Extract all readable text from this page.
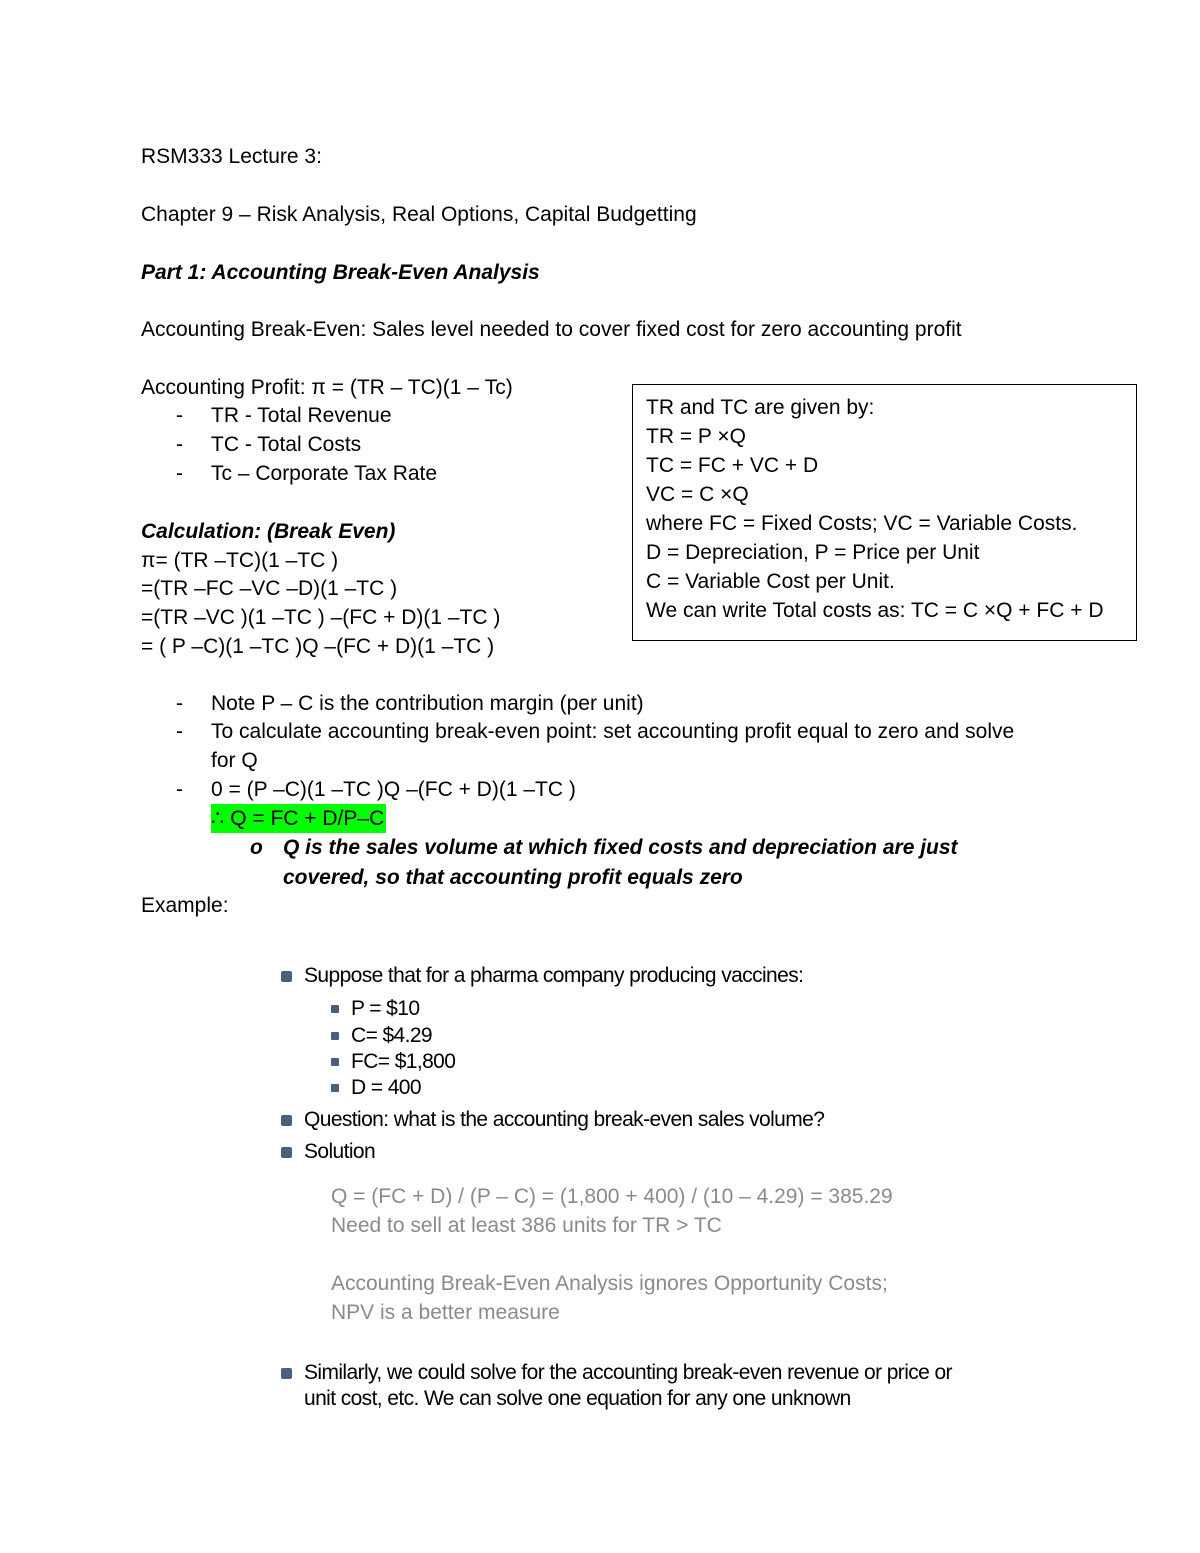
RSM333 Lecture 3:
Chapter 9 – Risk Analysis, Real Options, Capital Budgetting
Part 1: Accounting Break-Even Analysis
Accounting Break-Even: Sales level needed to cover fixed cost for zero accounting profit
Accounting Profit: π = (TR – TC)(1 – Tc)
- TR - Total Revenue
- TC - Total Costs
- Tc – Corporate Tax Rate
Calculation: (Break Even)
π= (TR –TC)(1 –TC )
=(TR –FC –VC –D)(1 –TC )
=(TR –VC )(1 –TC ) –(FC + D)(1 –TC )
= ( P –C)(1 –TC )Q –(FC + D)(1 –TC )
TR and TC are given by:
TR = P ×Q
TC = FC + VC + D
VC = C ×Q
where FC = Fixed Costs; VC = Variable Costs.
D = Depreciation, P = Price per Unit
C = Variable Cost per Unit.
We can write Total costs as: TC = C ×Q + FC + D
- Note P – C is the contribution margin (per unit)
- To calculate accounting break-even point: set accounting profit equal to zero and solve
for Q
- 0 = (P –C)(1 –TC )Q –(FC + D)(1 –TC )
∴ Q = FC + D/P–C
o Q is the sales volume at which fixed costs and depreciation are just
covered, so that accounting profit equals zero
Example:
Suppose that for a pharma company producing vaccines:
P = $10
C= $4.29
FC= $1,800
D = 400
Question: what is the accounting break-even sales volume?
Solution
Q = (FC + D) / (P – C) = (1,800 + 400) / (10 – 4.29) = 385.29
Need to sell at least 386 units for TR > TC
Accounting Break-Even Analysis ignores Opportunity Costs;
NPV is a better measure
Similarly, we could solve for the accounting break-even revenue or price or
unit cost, etc. We can solve one equation for any one unknown
